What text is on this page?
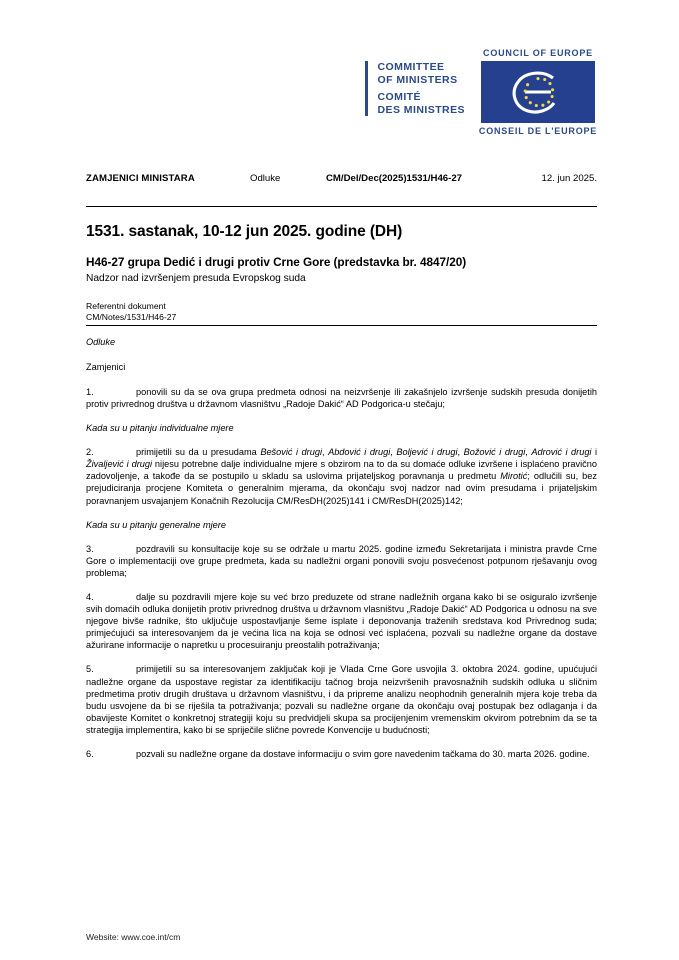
COMMITTEE
OF MINISTERS
COMITÉ
DES MINISTRES
COUNCIL OF EUROPE
CONSEIL DE L'EUROPE
ZAMJENICI MINISTARA	Odluke	CM/Del/Dec(2025)1531/H46-27	12. jun 2025.
1531. sastanak, 10-12 jun 2025. godine (DH)
H46-27 grupa Dedić i drugi protiv Crne Gore (predstavka br. 4847/20)
Nadzor nad izvršenjem presuda Evropskog suda
Referentni dokument
CM/Notes/1531/H46-27
Odluke
Zamjenici
1.	ponovili su da se ova grupa predmeta odnosi na neizvršenje ili zakašnjelo izvršenje sudskih presuda donijetih protiv privrednog društva u državnom vlasništvu „Radoje Dakić“ AD Podgorica-u stečaju;
Kada su u pitanju individualne mjere
2.	primijetili su da u presudama Bešović i drugi, Abdović i drugi, Boljević i drugi, Božović i drugi, Adrović i drugi i Živaljević i drugi nijesu potrebne dalje individualne mjere s obzirom na to da su domaće odluke izvršene i isplaćeno pravično zadovoljenje, a takođe da se postupilo u skladu sa uslovima prijateljskog poravnanja u predmetu Mirotić; odlučili su, bez prejudiciranja procjene Komiteta o generalnim mjerama, da okončaju svoj nadzor nad ovim presudama i prijateljskim poravnanjem usvajanjem Konačnih Rezolucija CM/ResDH(2025)141 i CM/ResDH(2025)142;
Kada su u pitanju generalne mjere
3.	pozdravili su konsultacije koje su se održale u martu 2025. godine između Sekretarijata i ministra pravde Crne Gore o implementaciji ove grupe predmeta, kada su nadležni organi ponovili svoju posvećenost potpunom rješavanju ovog problema;
4.	dalje su pozdravili mjere koje su već brzo preduzete od strane nadležnih organa kako bi se osiguralo izvršenje svih domaćih odluka donijetih protiv privrednog društva u državnom vlasništvu „Radoje Dakić“ AD Podgorica u odnosu na sve njegove bivše radnike, što uključuje uspostavljanje šeme isplate i deponovanja traženih sredstava kod Privrednog suda; primjećujući sa interesovanjem da je većina lica na koja se odnosi već isplaćena, pozvali su nadležne organe da dostave ažurirane informacije o napretku u procesuiranju preostalih potraživanja;
5.	primijetili su sa interesovanjem zaključak koji je Vlada Crne Gore usvojila 3. oktobra 2024. godine, upućujući nadležne organe da uspostave registar za identifikaciju tačnog broja neizvršenih pravosnažnih sudskih odluka u sličnim predmetima protiv drugih društava u državnom vlasništvu, i da pripreme analizu neophodnih generalnih mjera koje treba da budu usvojene da bi se riješila ta potraživanja; pozvali su nadležne organe da okončaju ovaj postupak bez odlaganja i da obavijeste Komitet o konkretnoj strategiji koju su predvidjeli skupa sa procijenjenim vremenskim okvirom potrebnim da se ta strategija implementira, kako bi se spriječile slične povrede Konvencije u budućnosti;
6.	pozvali su nadležne organe da dostave informaciju o svim gore navedenim tačkama do 30. marta 2026. godine.
Website: www.coe.int/cm
